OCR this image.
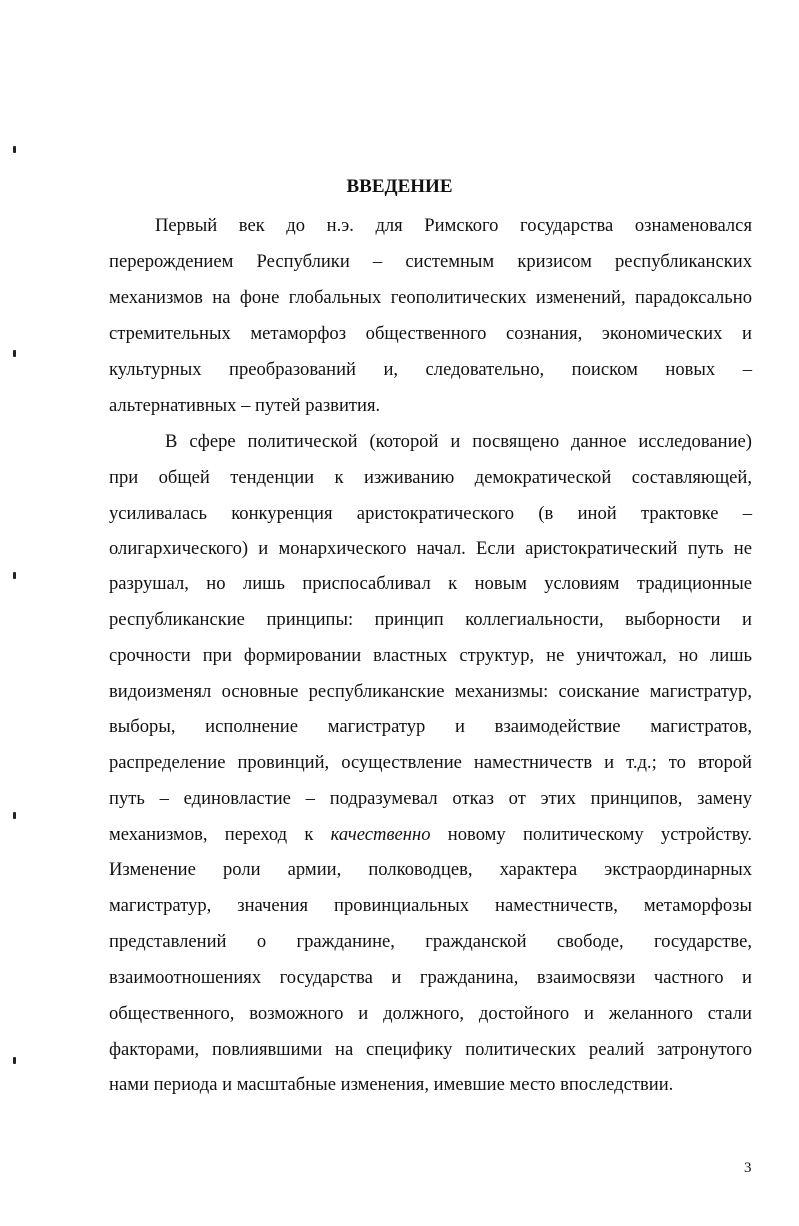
ВВЕДЕНИЕ
Первый век до н.э. для Римского государства ознаменовался
перерождением Республики – системным кризисом республиканских
механизмов на фоне глобальных геополитических изменений, парадоксально
стремительных метаморфоз общественного сознания, экономических и
культурных преобразований и, следовательно, поиском новых –
альтернативных – путей развития.
В сфере политической (которой и посвящено данное исследование)
при общей тенденции к изживанию демократической составляющей,
усиливалась конкуренция аристократического (в иной трактовке –
олигархического) и монархического начал. Если аристократический путь не
разрушал, но лишь приспосабливал к новым условиям традиционные
республиканские принципы: принцип коллегиальности, выборности и
срочности при формировании властных структур, не уничтожал, но лишь
видоизменял основные республиканские механизмы: соискание магистратур,
выборы, исполнение магистратур и взаимодействие магистратов,
распределение провинций, осуществление наместничеств и т.д.; то второй
путь – единовластие – подразумевал отказ от этих принципов, замену
механизмов, переход к качественно новому политическому устройству.
Изменение роли армии, полководцев, характера экстраординарных
магистратур, значения провинциальных наместничеств, метаморфозы
представлений о гражданине, гражданской свободе, государстве,
взаимоотношениях государства и гражданина, взаимосвязи частного и
общественного, возможного и должного, достойного и желанного стали
факторами, повлиявшими на специфику политических реалий затронутого
нами периода и масштабные изменения, имевшие место впоследствии.
3
